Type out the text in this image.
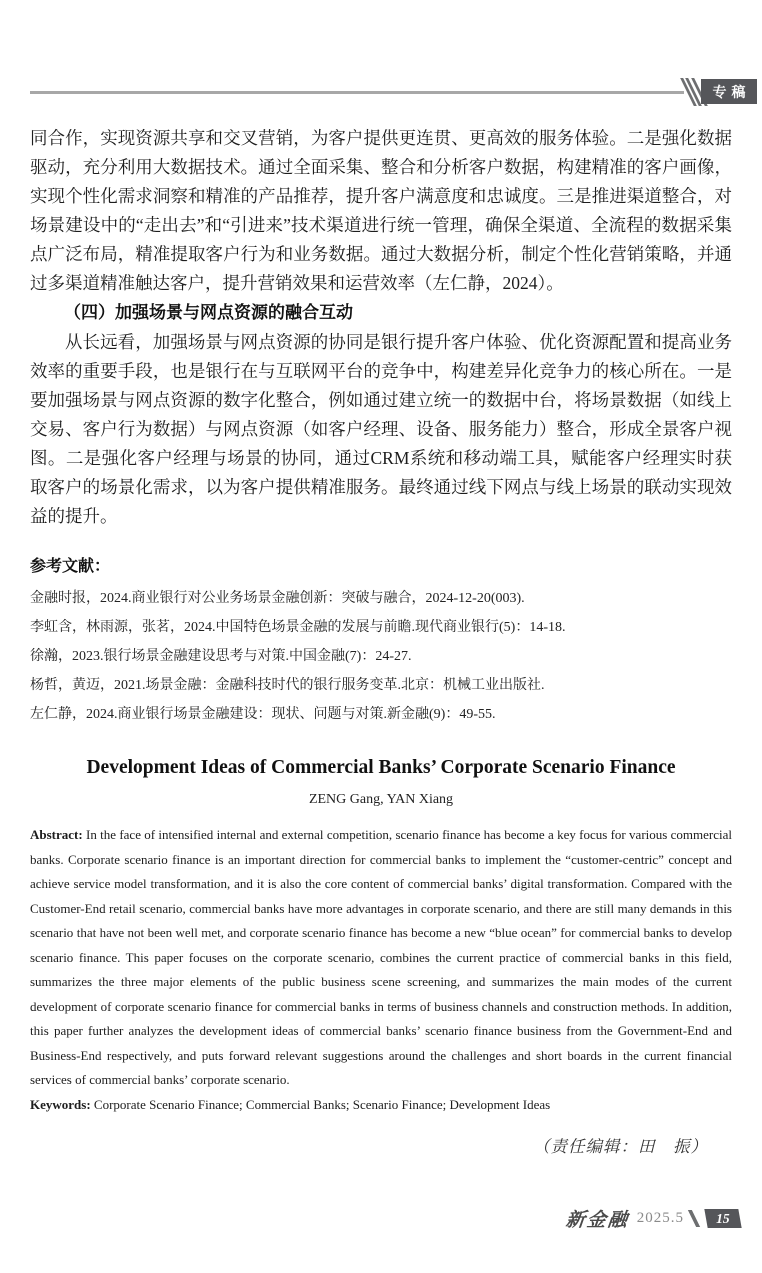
专稿

同合作，实现资源共享和交叉营销，为客户提供更连贯、更高效的服务体验。二是强化数据驱动，充分利用大数据技术。通过全面采集、整合和分析客户数据，构建精准的客户画像，实现个性化需求洞察和精准的产品推荐，提升客户满意度和忠诚度。三是推进渠道整合，对场景建设中的“走出去”和“引进来”技术渠道进行统一管理，确保全渠道、全流程的数据采集点广泛布局，精准提取客户行为和业务数据。通过大数据分析，制定个性化营销策略，并通过多渠道精准触达客户，提升营销效果和运营效率（左仁静，2024）。

（四）加强场景与网点资源的融合互动

从长远看，加强场景与网点资源的协同是银行提升客户体验、优化资源配置和提高业务效率的重要手段，也是银行在与互联网平台的竞争中，构建差异化竞争力的核心所在。一是要加强场景与网点资源的数字化整合，例如通过建立统一的数据中台，将场景数据（如线上交易、客户行为数据）与网点资源（如客户经理、设备、服务能力）整合，形成全景客户视图。二是强化客户经理与场景的协同，通过CRM系统和移动端工具，赋能客户经理实时获取客户的场景化需求，以为客户提供精准服务。最终通过线下网点与线上场景的联动实现效益的提升。

参考文献：

金融时报，2024.商业银行对公业务场景金融创新：突破与融合，2024-12-20(003).
李虹含，林雨源，张茗，2024.中国特色场景金融的发展与前瞻.现代商业银行(5)：14-18.
徐瀚，2023.银行场景金融建设思考与对策.中国金融(7)：24-27.
杨哲，黄迈，2021.场景金融：金融科技时代的银行服务变革.北京：机械工业出版社.
左仁静，2024.商业银行场景金融建设：现状、问题与对策.新金融(9)：49-55.
Development Ideas of Commercial Banks’ Corporate Scenario Finance

ZENG Gang, YAN Xiang

Abstract: In the face of intensified internal and external competition, scenario finance has become a key focus for various commercial banks. Corporate scenario finance is an important direction for commercial banks to implement the “customer-centric” concept and achieve service model transformation, and it is also the core content of commercial banks’ digital transformation. Compared with the Customer-End retail scenario, commercial banks have more advantages in corporate scenario, and there are still many demands in this scenario that have not been well met, and corporate scenario finance has become a new “blue ocean” for commercial banks to develop scenario finance. This paper focuses on the corporate scenario, combines the current practice of commercial banks in this field, summarizes the three major elements of the public business scene screening, and summarizes the main modes of the current development of corporate scenario finance for commercial banks in terms of business channels and construction methods. In addition, this paper further analyzes the development ideas of commercial banks’ scenario finance business from the Government-End and Business-End respectively, and puts forward relevant suggestions around the challenges and short boards in the current financial services of commercial banks’ corporate scenario.

Keywords: Corporate Scenario Finance; Commercial Banks; Scenario Finance; Development Ideas

（责任编辑：田　振）

新金融 2025.5 15
